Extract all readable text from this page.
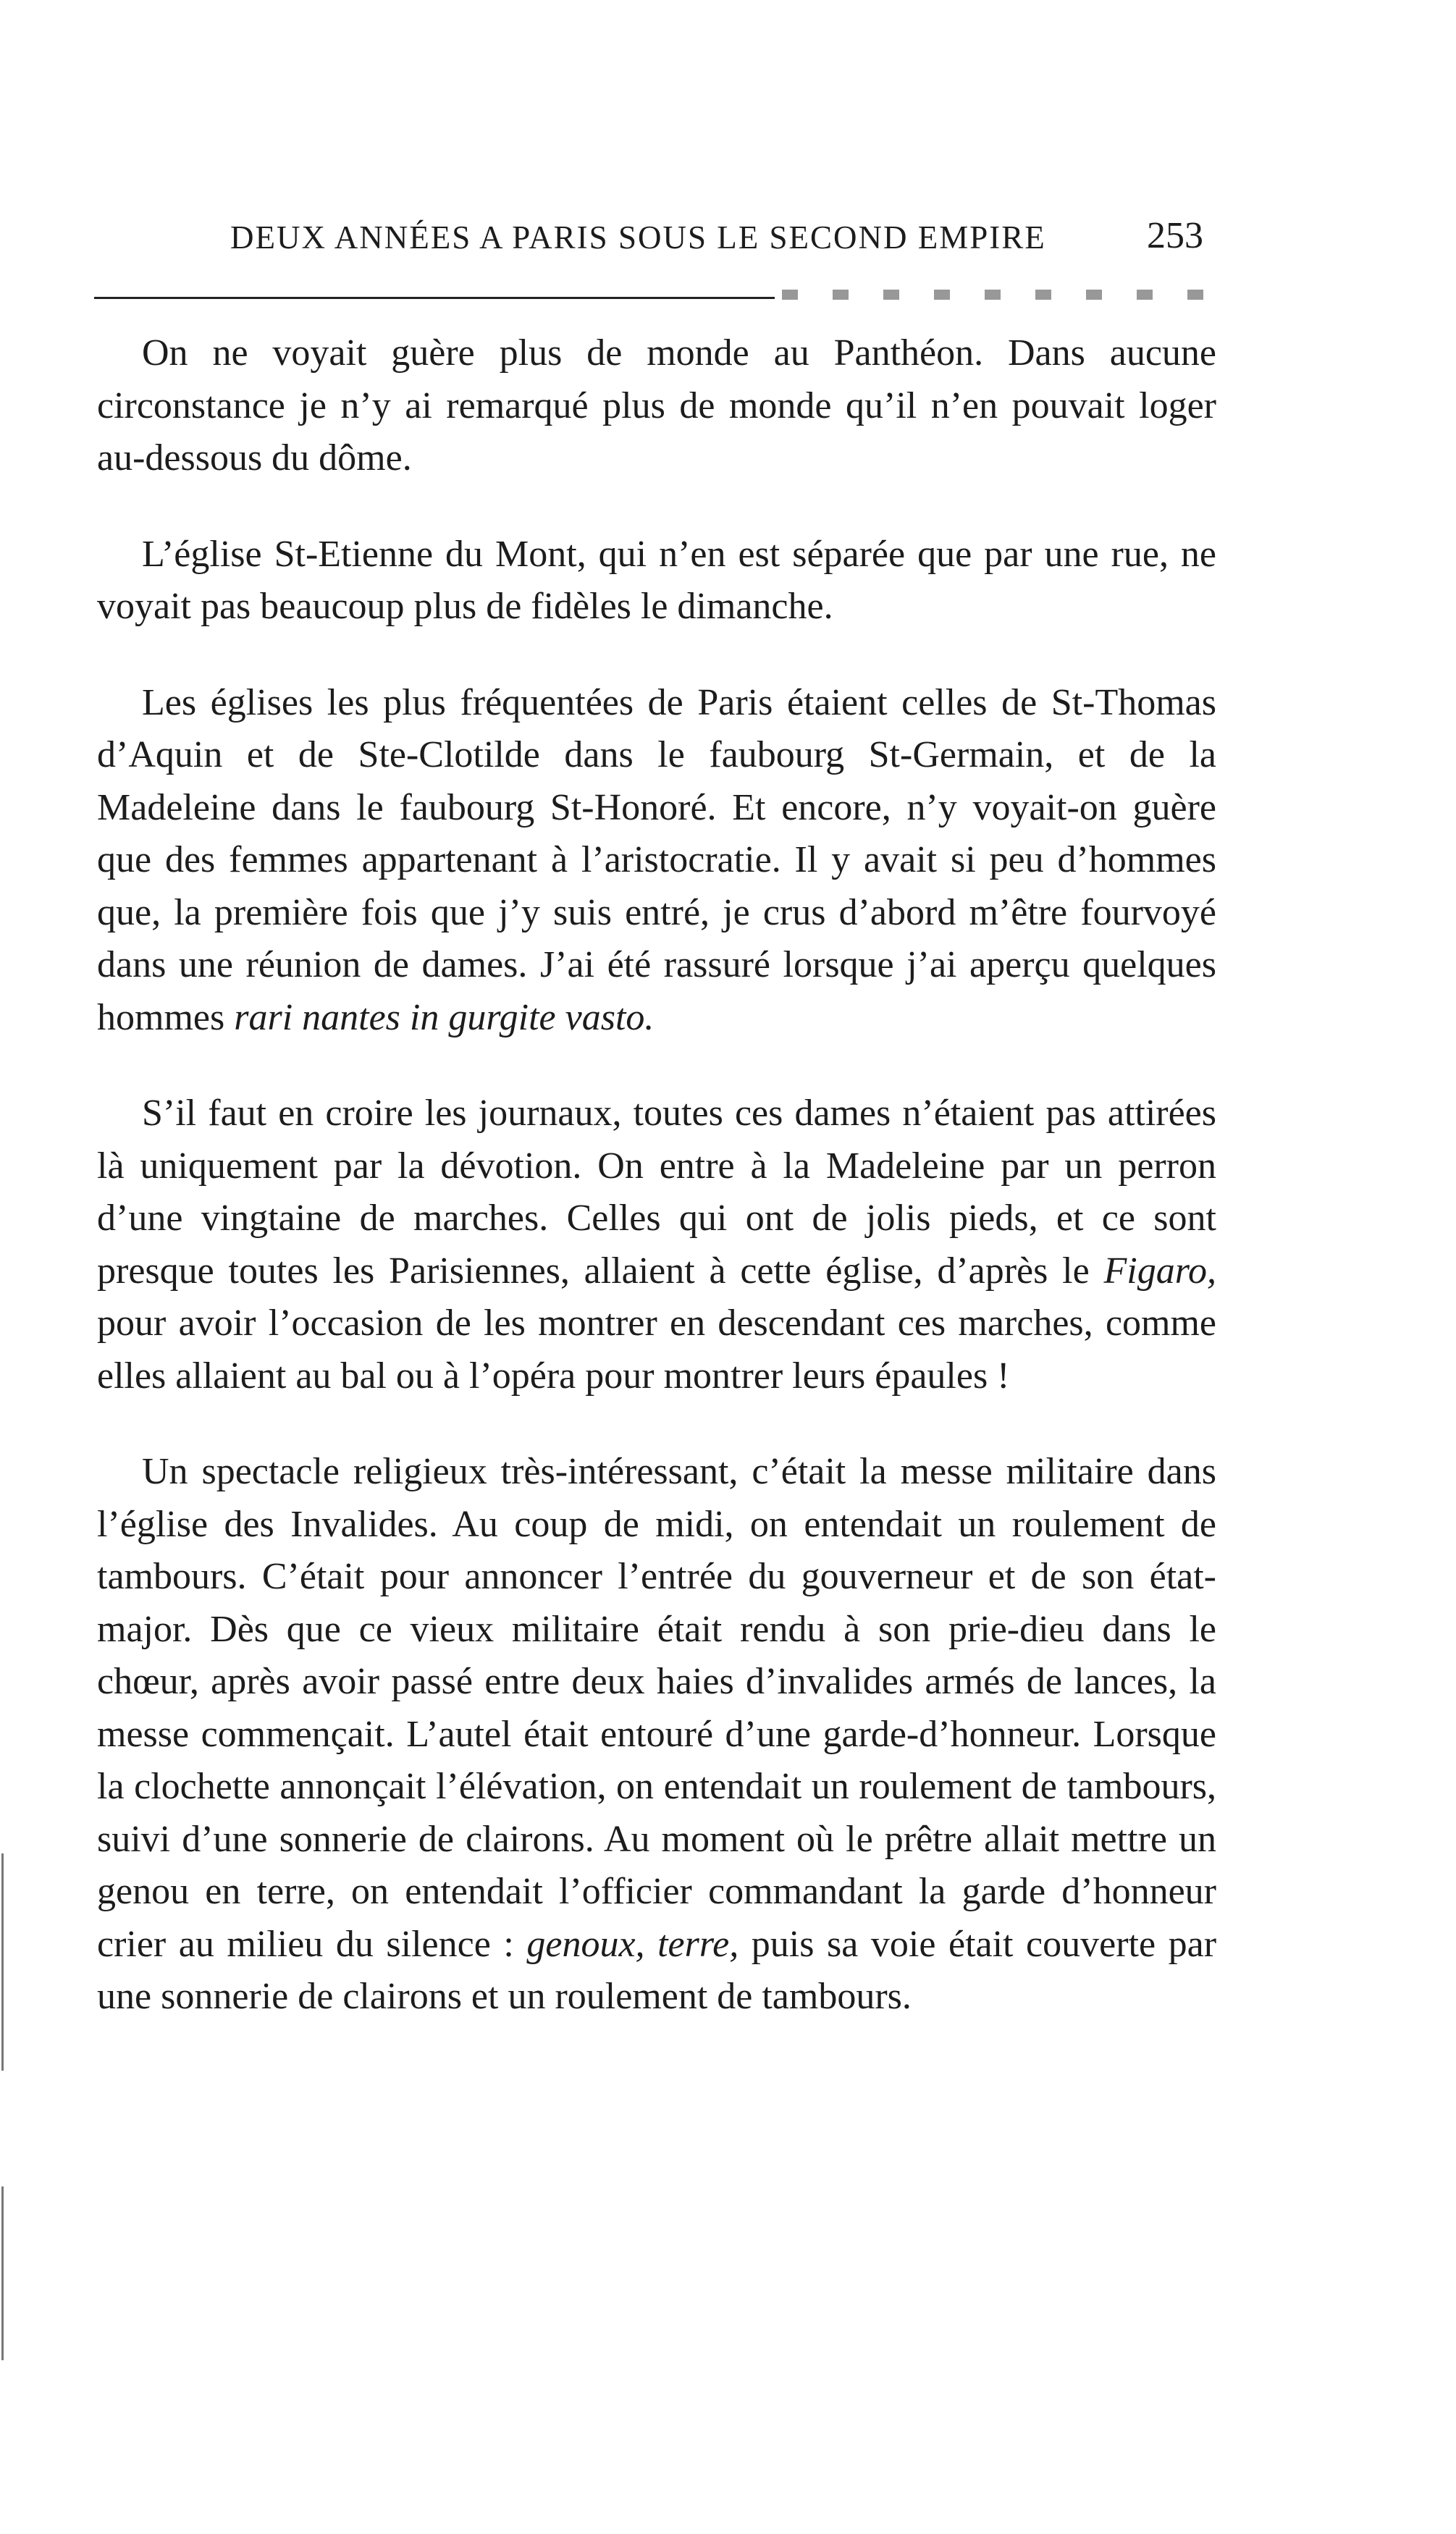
DEUX ANNÉES A PARIS SOUS LE SECOND EMPIRE	253

On ne voyait guère plus de monde au Panthéon. Dans aucune circonstance je n’y ai remarqué plus de monde qu’il n’en pouvait loger au-dessous du dôme.

L’église St-Etienne du Mont, qui n’en est séparée que par une rue, ne voyait pas beaucoup plus de fidèles le dimanche.

Les églises les plus fréquentées de Paris étaient celles de St-Thomas d’Aquin et de Ste-Clotilde dans le faubourg St-Germain, et de la Madeleine dans le faubourg St-Honoré. Et encore, n’y voyait-on guère que des femmes appartenant à l’aristocratie. Il y avait si peu d’hommes que, la première fois que j’y suis entré, je crus d’abord m’être fourvoyé dans une réunion de dames. J’ai été rassuré lorsque j’ai aperçu quelques hommes rari nantes in gurgite vasto.

S’il faut en croire les journaux, toutes ces dames n’étaient pas attirées là uniquement par la dévotion. On entre à la Madeleine par un perron d’une vingtaine de marches. Celles qui ont de jolis pieds, et ce sont presque toutes les Parisiennes, allaient à cette église, d’après le Figaro, pour avoir l’occasion de les montrer en descendant ces marches, comme elles allaient au bal ou à l’opéra pour montrer leurs épaules !

Un spectacle religieux très-intéressant, c’était la messe militaire dans l’église des Invalides. Au coup de midi, on entendait un roulement de tambours. C’était pour annoncer l’entrée du gouverneur et de son état-major. Dès que ce vieux militaire était rendu à son prie-dieu dans le chœur, après avoir passé entre deux haies d’invalides armés de lances, la messe commençait. L’autel était entouré d’une garde-d’honneur. Lorsque la clochette annonçait l’élévation, on entendait un roulement de tambours, suivi d’une sonnerie de clairons. Au moment où le prêtre allait mettre un genou en terre, on entendait l’officier commandant la garde d’honneur crier au milieu du silence : genoux, terre, puis sa voie était couverte par une sonnerie de clairons et un roulement de tambours.
